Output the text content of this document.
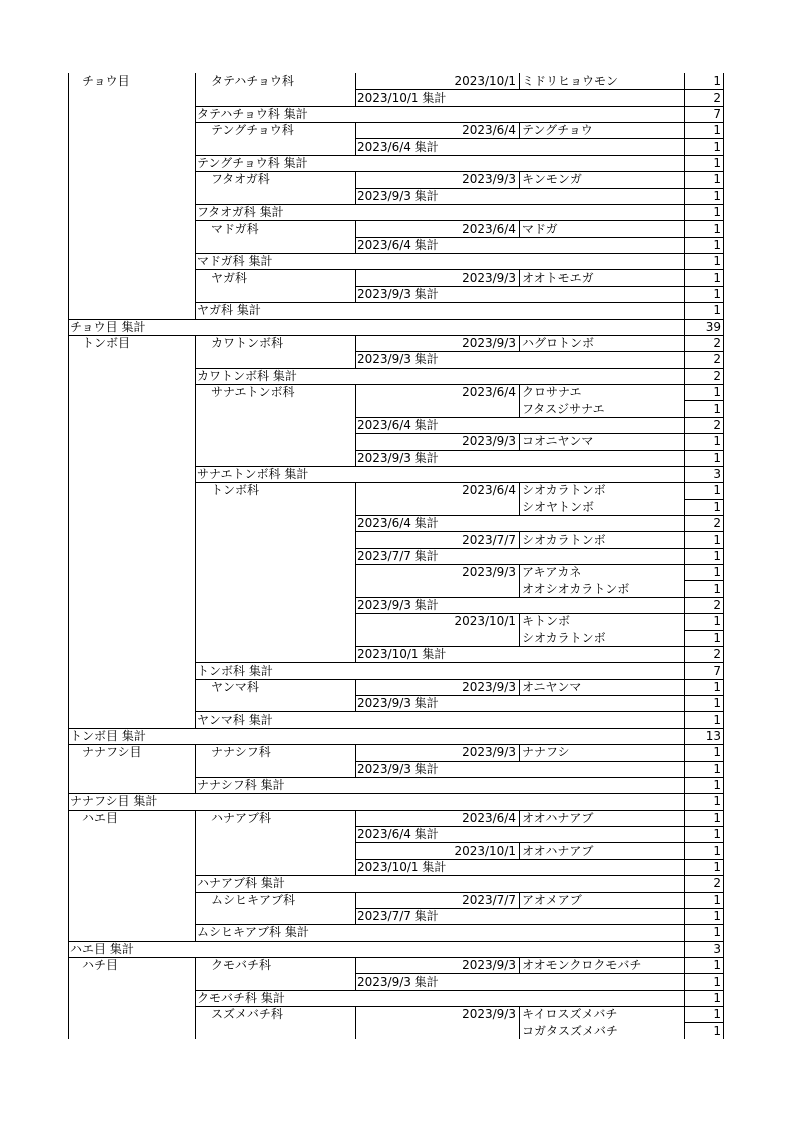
チョウ目	タテハチョウ科	2023/10/1 ミドリヒョウモン	1
2023/10/1 集計	2
タテハチョウ科 集計	7
テングチョウ科	2023/6/4 テングチョウ	1
2023/6/4 集計	1
テングチョウ科 集計	1
フタオガ科	2023/9/3 キンモンガ	1
2023/9/3 集計	1
フタオガ科 集計	1
マドガ科	2023/6/4 マドガ	1
2023/6/4 集計	1
マドガ科 集計	1
ヤガ科	2023/9/3 オオトモエガ	1
2023/9/3 集計	1
ヤガ科 集計	1
チョウ目 集計	39
トンボ目	カワトンボ科	2023/9/3 ハグロトンボ	2
2023/9/3 集計	2
カワトンボ科 集計	2
サナエトンボ科	2023/6/4 クロサナエ	1
フタスジサナエ	1
2023/6/4 集計	2
2023/9/3 コオニヤンマ	1
2023/9/3 集計	1
サナエトンボ科 集計	3
トンボ科	2023/6/4 シオカラトンボ	1
シオヤトンボ	1
2023/6/4 集計	2
2023/7/7 シオカラトンボ	1
2023/7/7 集計	1
2023/9/3 アキアカネ	1
オオシオカラトンボ	1
2023/9/3 集計	2
2023/10/1 キトンボ	1
シオカラトンボ	1
2023/10/1 集計	2
トンボ科 集計	7
ヤンマ科	2023/9/3 オニヤンマ	1
2023/9/3 集計	1
ヤンマ科 集計	1
トンボ目 集計	13
ナナフシ目	ナナシフ科	2023/9/3 ナナフシ	1
2023/9/3 集計	1
ナナシフ科 集計	1
ナナフシ目 集計	1
ハエ目	ハナアブ科	2023/6/4 オオハナアブ	1
2023/6/4 集計	1
2023/10/1 オオハナアブ	1
2023/10/1 集計	1
ハナアブ科 集計	2
ムシヒキアブ科	2023/7/7 アオメアブ	1
2023/7/7 集計	1
ムシヒキアブ科 集計	1
ハエ目 集計	3
ハチ目	クモバチ科	2023/9/3 オオモンクロクモバチ	1
2023/9/3 集計	1
クモバチ科 集計	1
スズメバチ科	2023/9/3 キイロスズメバチ	1
コガタスズメバチ	1
